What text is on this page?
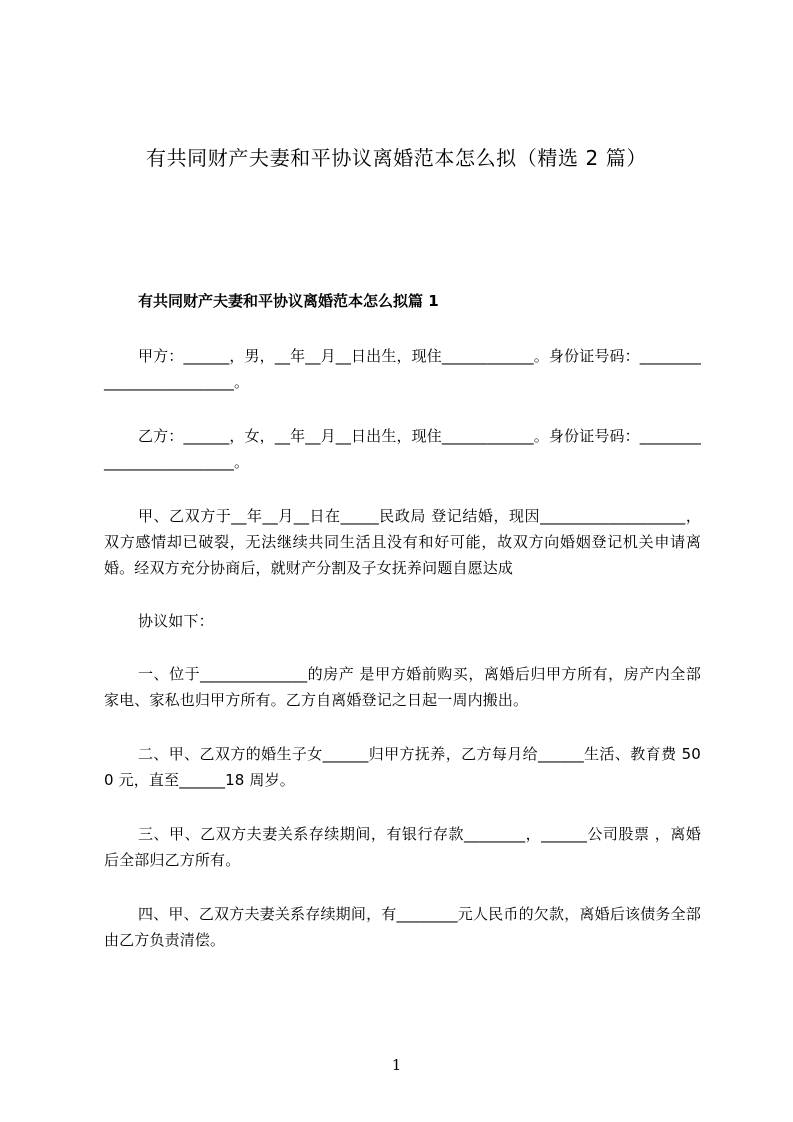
有共同财产夫妻和平协议离婚范本怎么拟（精选 2 篇）
有共同财产夫妻和平协议离婚范本怎么拟篇 1

甲方：______，男，__年__月__日出生，现住____________。身份证号码：_________________________。

乙方：______，女，__年__月__日出生，现住____________。身份证号码：_________________________。

甲、乙双方于__年__月__日在_____民政局 登记结婚，现因___________________，双方感情却已破裂，无法继续共同生活且没有和好可能，故双方向婚姻登记机关申请离婚。经双方充分协商后，就财产分割及子女抚养问题自愿达成

协议如下：

一、位于______________的房产 是甲方婚前购买，离婚后归甲方所有，房产内全部家电、家私也归甲方所有。乙方自离婚登记之日起一周内搬出。

二、甲、乙双方的婚生子女______归甲方抚养，乙方每月给______生活、教育费 500 元，直至______18 周岁。

三、甲、乙双方夫妻关系存续期间，有银行存款________，______公司股票 ，离婚后全部归乙方所有。

四、甲、乙双方夫妻关系存续期间，有________元人民币的欠款，离婚后该债务全部由乙方负责清偿。

1
